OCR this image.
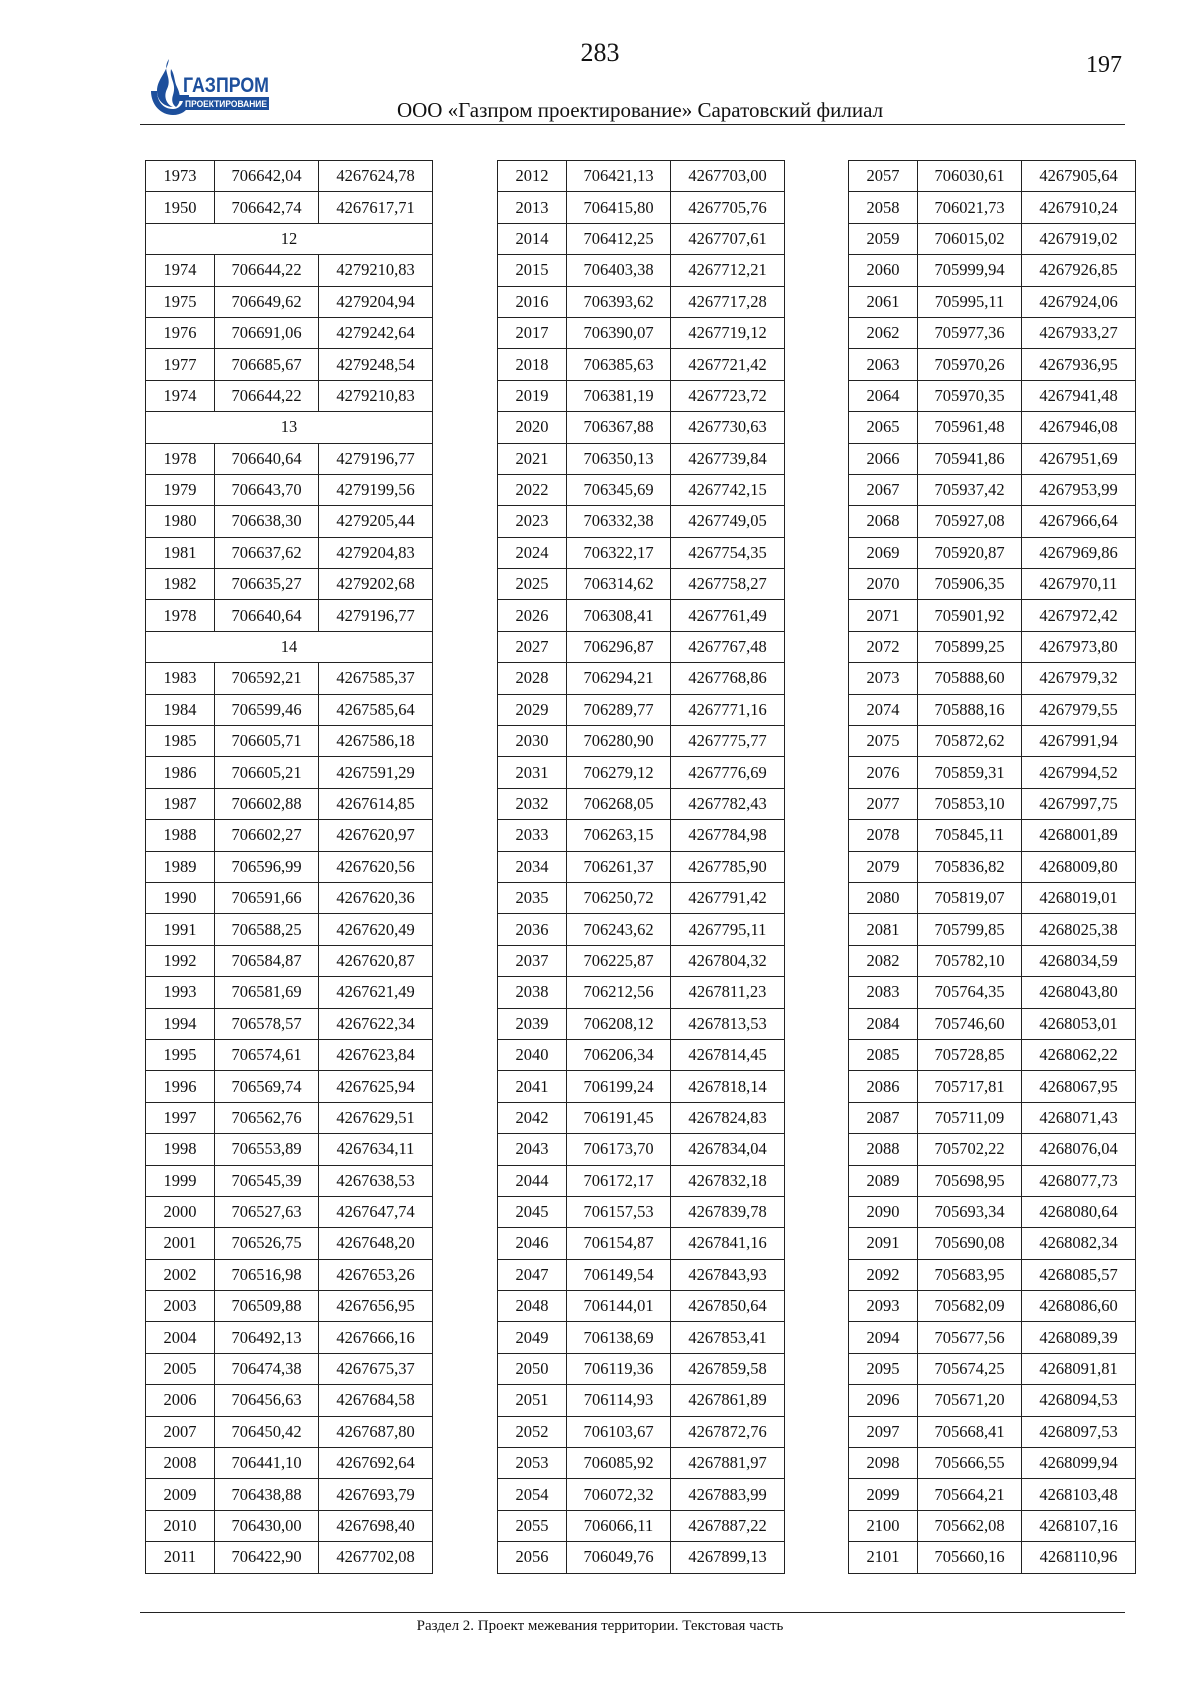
283	197
ГАЗПРОМ
ПРОЕКТИРОВАНИЕ	ООО «Газпром проектирование» Саратовский филиал
1973	706642,04	4267624,78
1950	706642,74	4267617,71
12		
1974	706644,22	4279210,83
1975	706649,62	4279204,94
1976	706691,06	4279242,64
1977	706685,67	4279248,54
1974	706644,22	4279210,83
13		
1978	706640,64	4279196,77
1979	706643,70	4279199,56
1980	706638,30	4279205,44
1981	706637,62	4279204,83
1982	706635,27	4279202,68
1978	706640,64	4279196,77
14		
1983	706592,21	4267585,37
1984	706599,46	4267585,64
1985	706605,71	4267586,18
1986	706605,21	4267591,29
1987	706602,88	4267614,85
1988	706602,27	4267620,97
1989	706596,99	4267620,56
1990	706591,66	4267620,36
1991	706588,25	4267620,49
1992	706584,87	4267620,87
1993	706581,69	4267621,49
1994	706578,57	4267622,34
1995	706574,61	4267623,84
1996	706569,74	4267625,94
1997	706562,76	4267629,51
1998	706553,89	4267634,11
1999	706545,39	4267638,53
2000	706527,63	4267647,74
2001	706526,75	4267648,20
2002	706516,98	4267653,26
2003	706509,88	4267656,95
2004	706492,13	4267666,16
2005	706474,38	4267675,37
2006	706456,63	4267684,58
2007	706450,42	4267687,80
2008	706441,10	4267692,64
2009	706438,88	4267693,79
2010	706430,00	4267698,40
2011	706422,90	4267702,08
2012	706421,13	4267703,00
2013	706415,80	4267705,76
2014	706412,25	4267707,61
2015	706403,38	4267712,21
2016	706393,62	4267717,28
2017	706390,07	4267719,12
2018	706385,63	4267721,42
2019	706381,19	4267723,72
2020	706367,88	4267730,63
2021	706350,13	4267739,84
2022	706345,69	4267742,15
2023	706332,38	4267749,05
2024	706322,17	4267754,35
2025	706314,62	4267758,27
2026	706308,41	4267761,49
2027	706296,87	4267767,48
2028	706294,21	4267768,86
2029	706289,77	4267771,16
2030	706280,90	4267775,77
2031	706279,12	4267776,69
2032	706268,05	4267782,43
2033	706263,15	4267784,98
2034	706261,37	4267785,90
2035	706250,72	4267791,42
2036	706243,62	4267795,11
2037	706225,87	4267804,32
2038	706212,56	4267811,23
2039	706208,12	4267813,53
2040	706206,34	4267814,45
2041	706199,24	4267818,14
2042	706191,45	4267824,83
2043	706173,70	4267834,04
2044	706172,17	4267832,18
2045	706157,53	4267839,78
2046	706154,87	4267841,16
2047	706149,54	4267843,93
2048	706144,01	4267850,64
2049	706138,69	4267853,41
2050	706119,36	4267859,58
2051	706114,93	4267861,89
2052	706103,67	4267872,76
2053	706085,92	4267881,97
2054	706072,32	4267883,99
2055	706066,11	4267887,22
2056	706049,76	4267899,13
2057	706030,61	4267905,64
2058	706021,73	4267910,24
2059	706015,02	4267919,02
2060	705999,94	4267926,85
2061	705995,11	4267924,06
2062	705977,36	4267933,27
2063	705970,26	4267936,95
2064	705970,35	4267941,48
2065	705961,48	4267946,08
2066	705941,86	4267951,69
2067	705937,42	4267953,99
2068	705927,08	4267966,64
2069	705920,87	4267969,86
2070	705906,35	4267970,11
2071	705901,92	4267972,42
2072	705899,25	4267973,80
2073	705888,60	4267979,32
2074	705888,16	4267979,55
2075	705872,62	4267991,94
2076	705859,31	4267994,52
2077	705853,10	4267997,75
2078	705845,11	4268001,89
2079	705836,82	4268009,80
2080	705819,07	4268019,01
2081	705799,85	4268025,38
2082	705782,10	4268034,59
2083	705764,35	4268043,80
2084	705746,60	4268053,01
2085	705728,85	4268062,22
2086	705717,81	4268067,95
2087	705711,09	4268071,43
2088	705702,22	4268076,04
2089	705698,95	4268077,73
2090	705693,34	4268080,64
2091	705690,08	4268082,34
2092	705683,95	4268085,57
2093	705682,09	4268086,60
2094	705677,56	4268089,39
2095	705674,25	4268091,81
2096	705671,20	4268094,53
2097	705668,41	4268097,53
2098	705666,55	4268099,94
2099	705664,21	4268103,48
2100	705662,08	4268107,16
2101	705660,16	4268110,96
Раздел 2. Проект межевания территории. Текстовая часть
